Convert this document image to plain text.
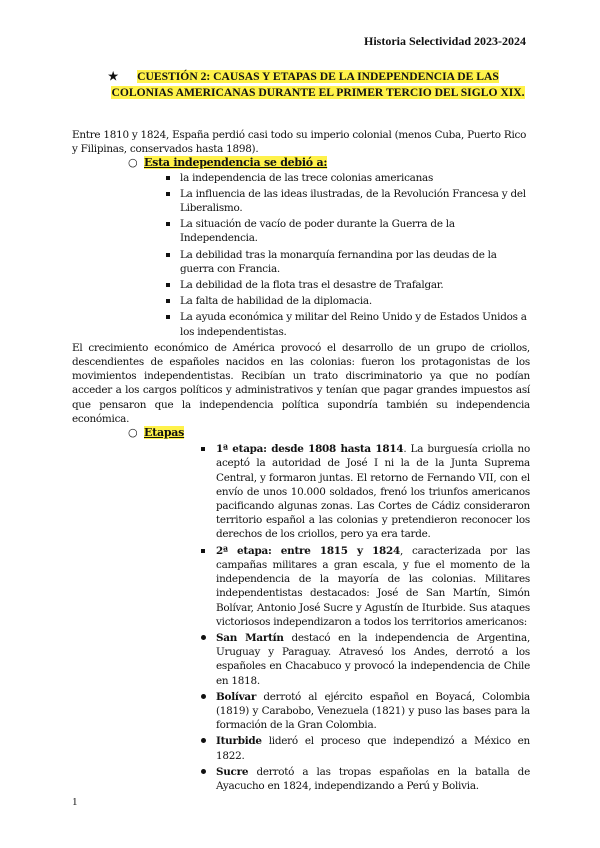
Historia Selectividad 2023-2024
★ CUESTIÓN 2: CAUSAS Y ETAPAS DE LA INDEPENDENCIA DE LAS COLONIAS AMERICANAS DURANTE EL PRIMER TERCIO DEL SIGLO XIX.

Entre 1810 y 1824, España perdió casi todo su imperio colonial (menos Cuba, Puerto Rico y Filipinas, conservados hasta 1898).

○ Esta independencia se debió a:
la independencia de las trece colonias americanas
La influencia de las ideas ilustradas, de la Revolución Francesa y del Liberalismo.
La situación de vacío de poder durante la Guerra de la Independencia.
La debilidad tras la monarquía fernandina por las deudas de la guerra con Francia.
La debilidad de la flota tras el desastre de Trafalgar.
La falta de habilidad de la diplomacia.
La ayuda económica y militar del Reino Unido y de Estados Unidos a los independentistas.

El crecimiento económico de América provocó el desarrollo de un grupo de criollos, descendientes de españoles nacidos en las colonias: fueron los protagonistas de los movimientos independentistas. Recibían un trato discriminatorio ya que no podían acceder a los cargos políticos y administrativos y tenían que pagar grandes impuestos así que pensaron que la independencia política supondría también su independencia económica.

○ Etapas
1ª etapa: desde 1808 hasta 1814. La burguesía criolla no aceptó la autoridad de José I ni la de la Junta Suprema Central, y formaron juntas. El retorno de Fernando VII, con el envío de unos 10.000 soldados, frenó los triunfos americanos pacificando algunas zonas. Las Cortes de Cádiz consideraron territorio español a las colonias y pretendieron reconocer los derechos de los criollos, pero ya era tarde.
2ª etapa: entre 1815 y 1824, caracterizada por las campañas militares a gran escala, y fue el momento de la independencia de la mayoría de las colonias. Militares independentistas destacados: José de San Martín, Simón Bolívar, Antonio José Sucre y Agustín de Iturbide. Sus ataques victoriosos independizaron a todos los territorios americanos:
San Martín destacó en la independencia de Argentina, Uruguay y Paraguay. Atravesó los Andes, derrotó a los españoles en Chacabuco y provocó la independencia de Chile en 1818.
Bolívar derrotó al ejército español en Boyacá, Colombia (1819) y Carabobo, Venezuela (1821) y puso las bases para la formación de la Gran Colombia.
Iturbide lideró el proceso que independizó a México en 1822.
Sucre derrotó a las tropas españolas en la batalla de Ayacucho en 1824, independizando a Perú y Bolivia.
1
